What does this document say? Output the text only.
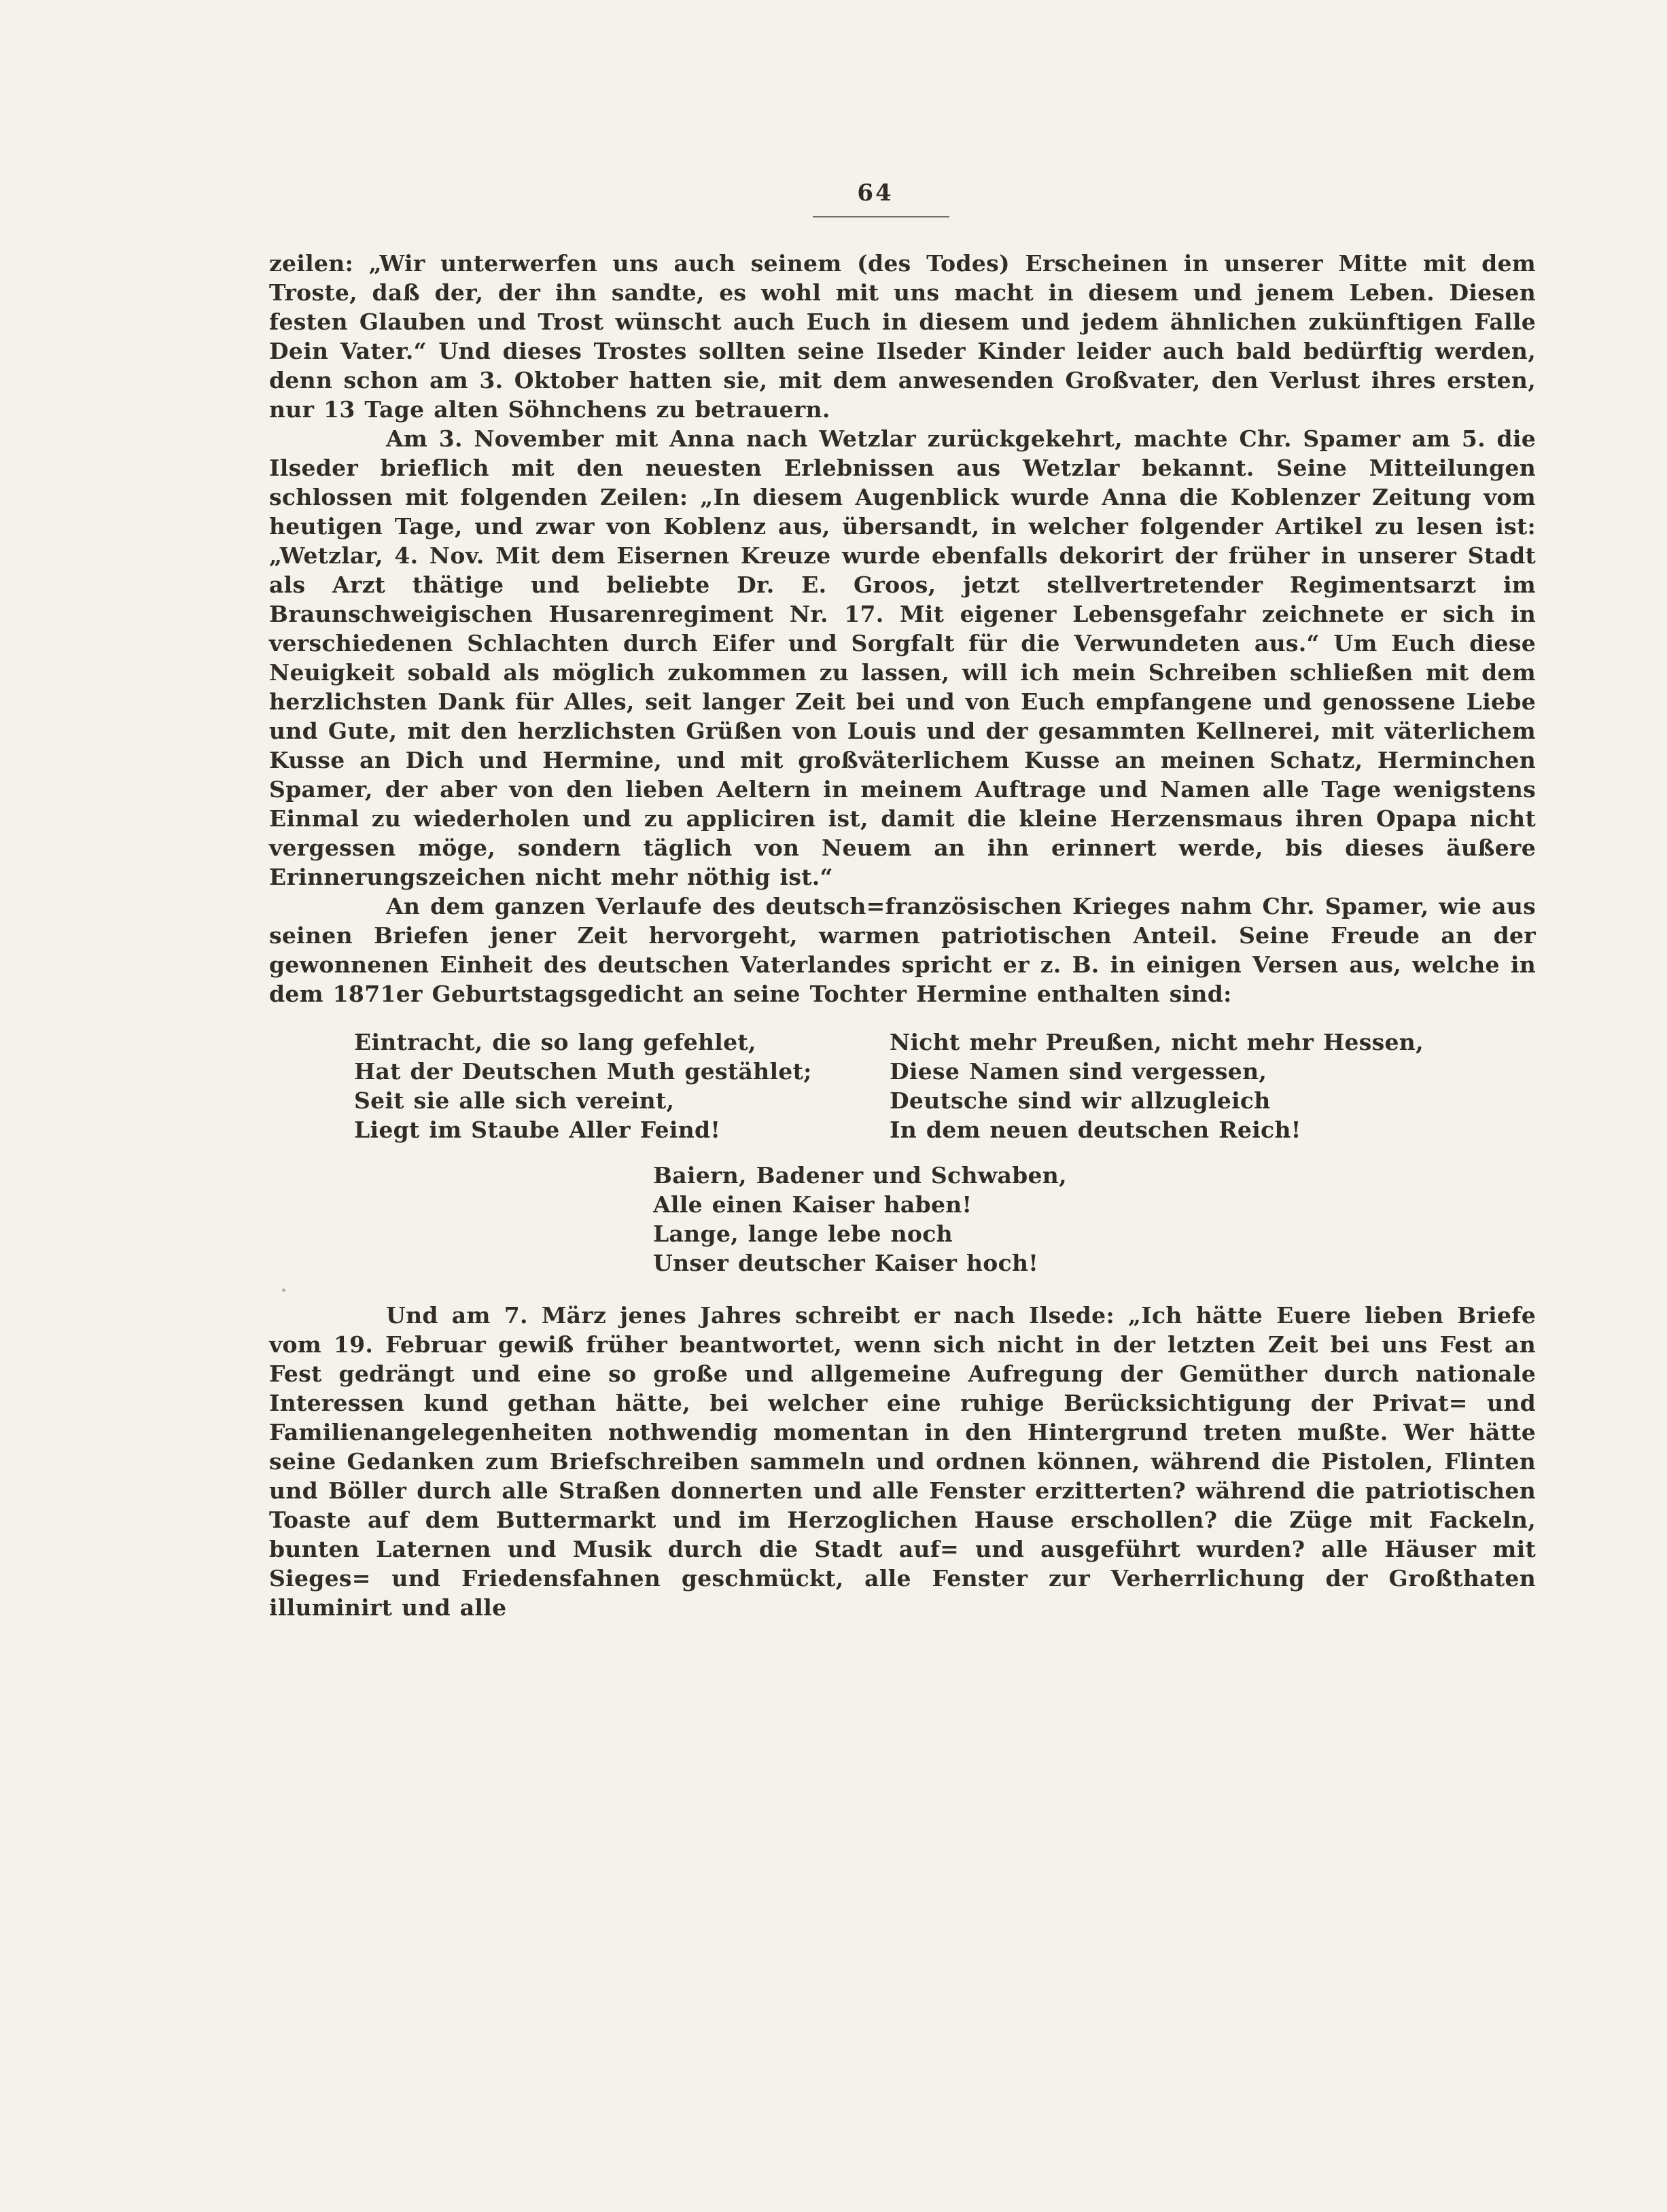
64

zeilen: „Wir unterwerfen uns auch seinem (des Todes) Erscheinen in unserer Mitte mit dem Troste, daß der, der ihn sandte, es wohl mit uns macht in diesem und jenem Leben. Diesen festen Glauben und Trost wünscht auch Euch in diesem und jedem ähnlichen zukünftigen Falle Dein Vater.“ Und dieses Trostes sollten seine Ilseder Kinder leider auch bald bedürftig werden, denn schon am 3. Oktober hatten sie, mit dem anwesenden Großvater, den Verlust ihres ersten, nur 13 Tage alten Söhnchens zu betrauern.

Am 3. November mit Anna nach Wetzlar zurückgekehrt, machte Chr. Spamer am 5. die Ilseder brieflich mit den neuesten Erlebnissen aus Wetzlar bekannt. Seine Mitteilungen schlossen mit folgenden Zeilen: „In diesem Augenblick wurde Anna die Koblenzer Zeitung vom heutigen Tage, und zwar von Koblenz aus, übersandt, in welcher folgender Artikel zu lesen ist: „Wetzlar, 4. Nov. Mit dem Eisernen Kreuze wurde ebenfalls dekorirt der früher in unserer Stadt als Arzt thätige und beliebte Dr. E. Groos, jetzt stellvertretender Regimentsarzt im Braunschweigischen Husarenregiment Nr. 17. Mit eigener Lebensgefahr zeichnete er sich in verschiedenen Schlachten durch Eifer und Sorgfalt für die Verwundeten aus.“ Um Euch diese Neuigkeit sobald als möglich zukommen zu lassen, will ich mein Schreiben schließen mit dem herzlichsten Dank für Alles, seit langer Zeit bei und von Euch empfangene und genossene Liebe und Gute, mit den herzlichsten Grüßen von Louis und der gesammten Kellnerei, mit väterlichem Kusse an Dich und Hermine, und mit großväterlichem Kusse an meinen Schatz, Herminchen Spamer, der aber von den lieben Aeltern in meinem Auftrage und Namen alle Tage wenigstens Einmal zu wiederholen und zu appliciren ist, damit die kleine Herzensmaus ihren Opapa nicht vergessen möge, sondern täglich von Neuem an ihn erinnert werde, bis dieses äußere Erinnerungszeichen nicht mehr nöthig ist.“

An dem ganzen Verlaufe des deutsch=französischen Krieges nahm Chr. Spamer, wie aus seinen Briefen jener Zeit hervorgeht, warmen patriotischen Anteil. Seine Freude an der gewonnenen Einheit des deutschen Vaterlandes spricht er z. B. in einigen Versen aus, welche in dem 1871er Geburtstagsgedicht an seine Tochter Hermine enthalten sind:

Eintracht, die so lang gefehlet,
Hat der Deutschen Muth gestählet;
Seit sie alle sich vereint,
Liegt im Staube Aller Feind!
Nicht mehr Preußen, nicht mehr Hessen,
Diese Namen sind vergessen,
Deutsche sind wir allzugleich
In dem neuen deutschen Reich!
Baiern, Badener und Schwaben,
Alle einen Kaiser haben!
Lange, lange lebe noch
Unser deutscher Kaiser hoch!

Und am 7. März jenes Jahres schreibt er nach Ilsede: „Ich hätte Euere lieben Briefe vom 19. Februar gewiß früher beantwortet, wenn sich nicht in der letzten Zeit bei uns Fest an Fest gedrängt und eine so große und allgemeine Aufregung der Gemüther durch nationale Interessen kund gethan hätte, bei welcher eine ruhige Berücksichtigung der Privat= und Familienangelegenheiten nothwendig momentan in den Hintergrund treten mußte. Wer hätte seine Gedanken zum Briefschreiben sammeln und ordnen können, während die Pistolen, Flinten und Böller durch alle Straßen donnerten und alle Fenster erzitterten? während die patriotischen Toaste auf dem Buttermarkt und im Herzoglichen Hause erschollen? die Züge mit Fackeln, bunten Laternen und Musik durch die Stadt auf= und ausgeführt wurden? alle Häuser mit Sieges= und Friedensfahnen geschmückt, alle Fenster zur Verherrlichung der Großthaten illuminirt und alle
